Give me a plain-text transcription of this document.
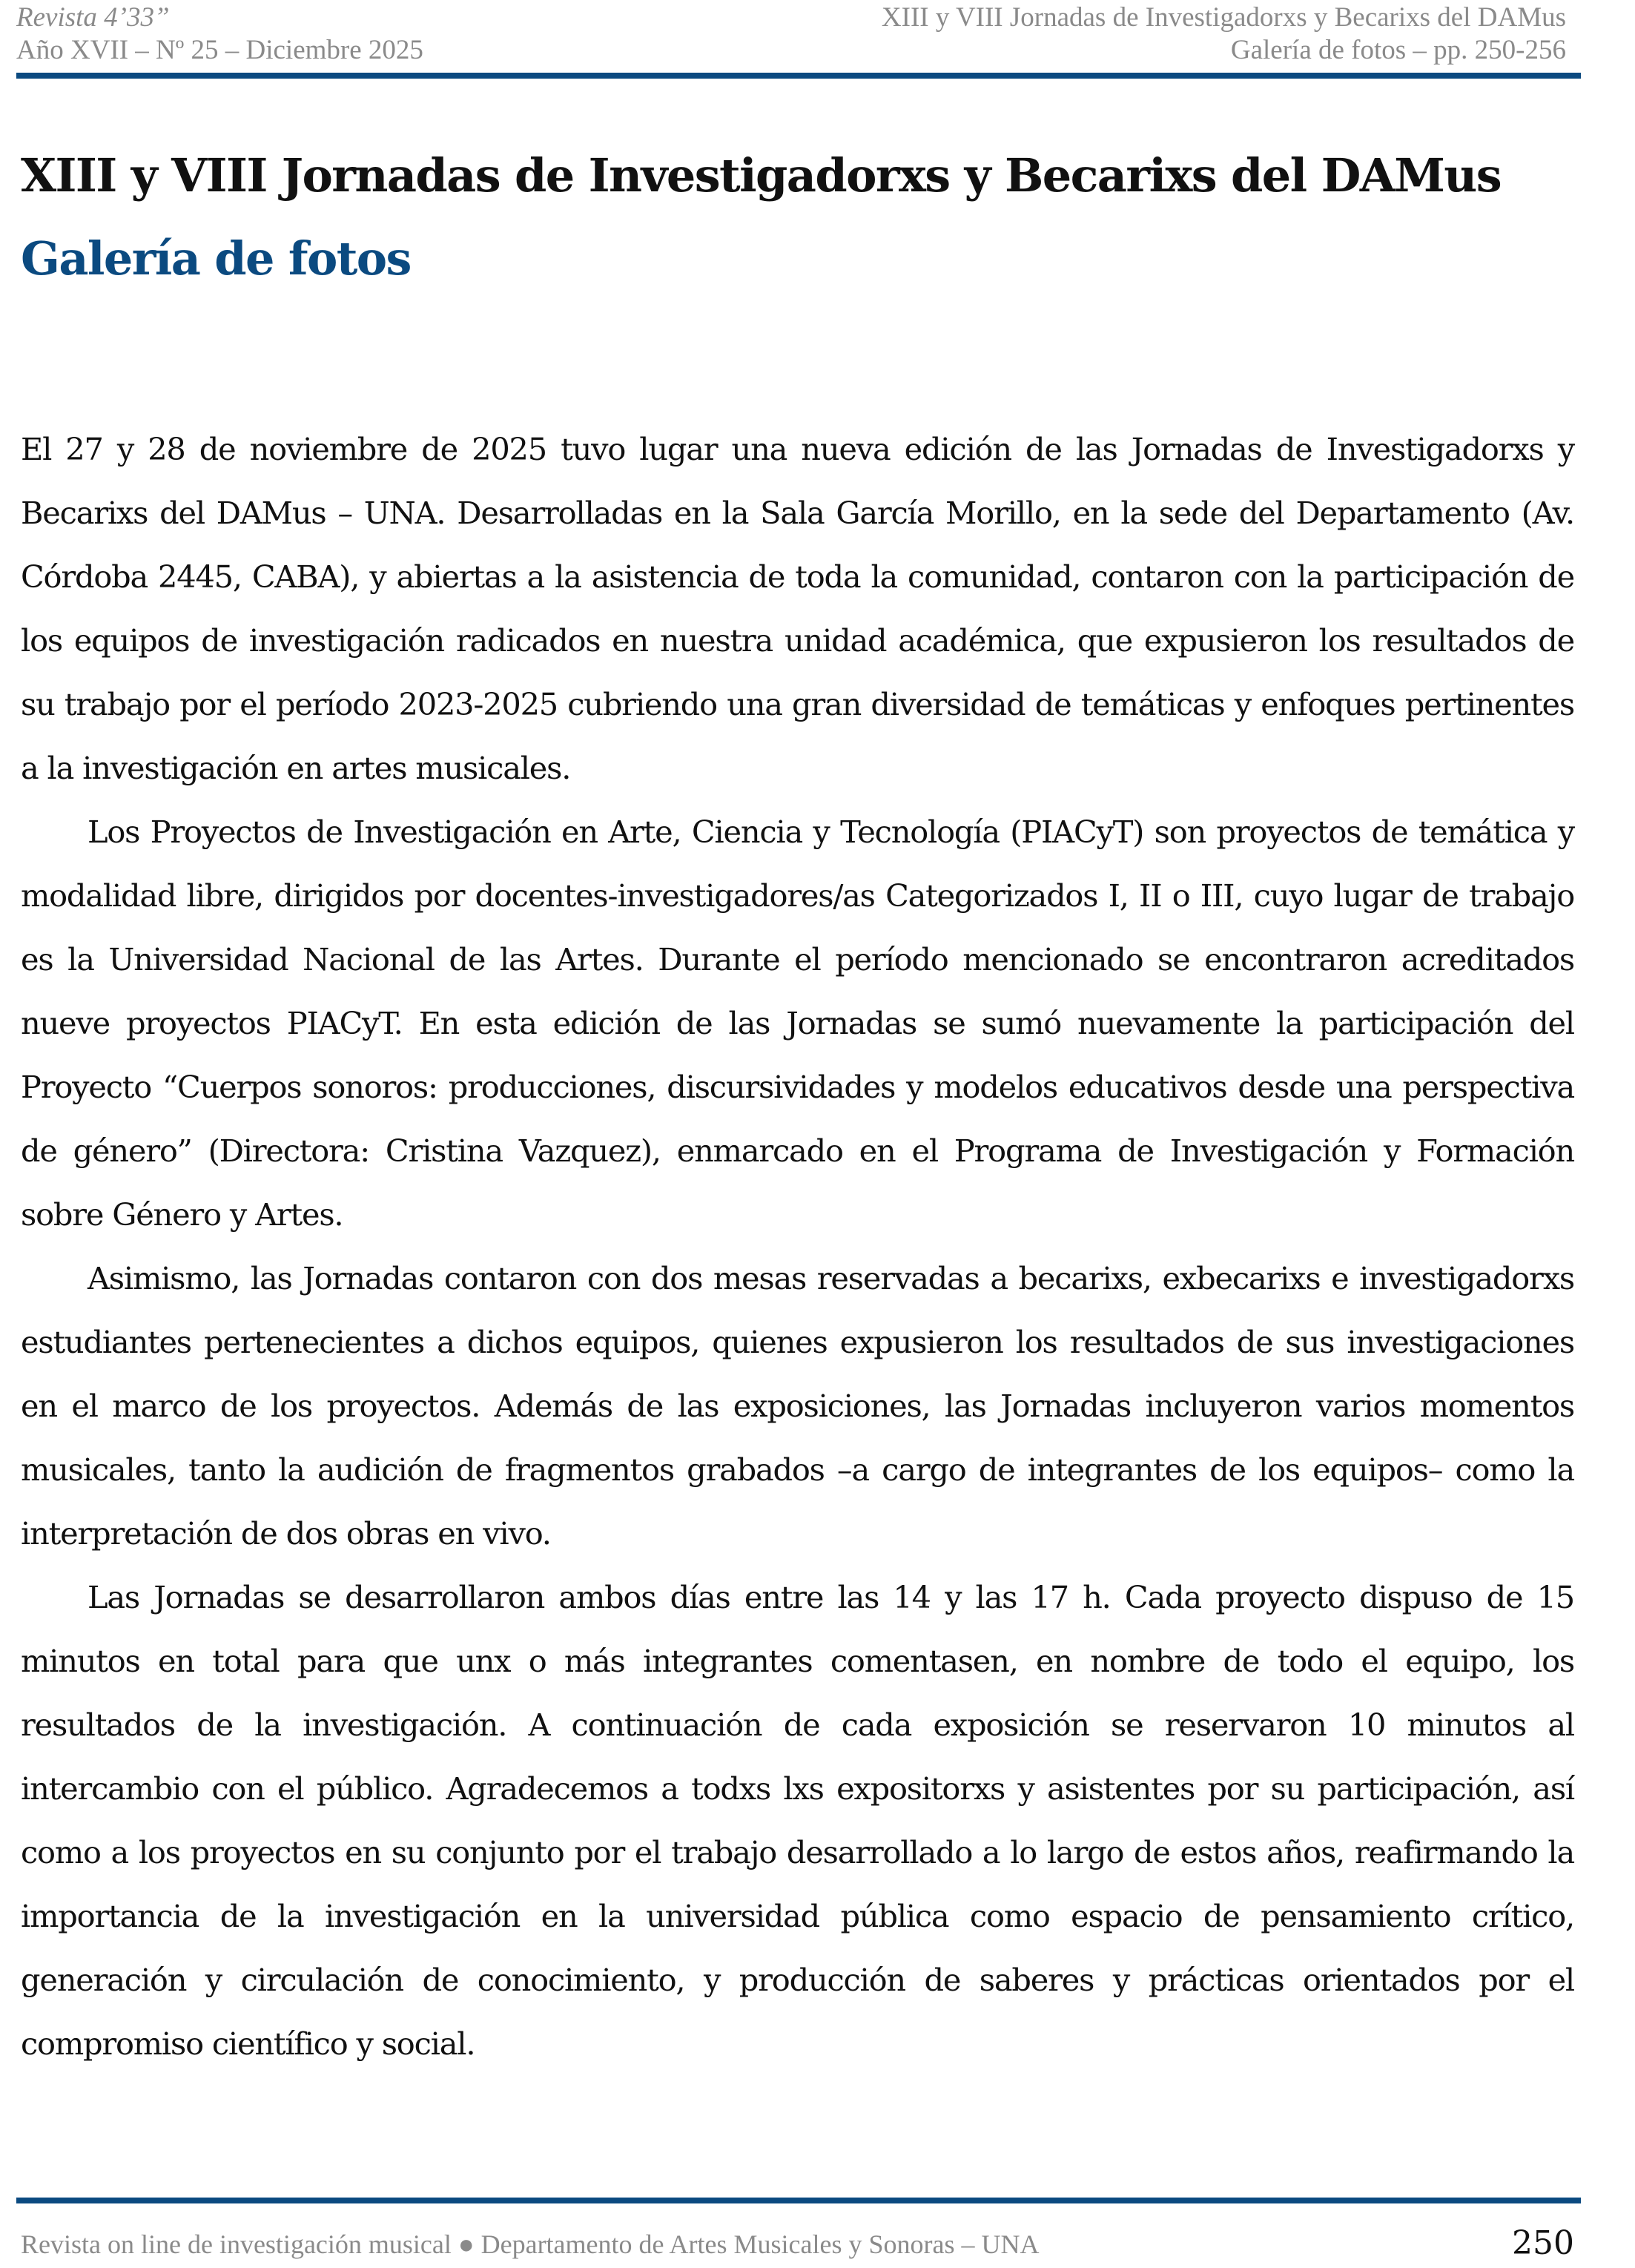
Revista 4’33”
Año XVII – Nº 25 – Diciembre 2025
XIII y VIII Jornadas de Investigadorxs y Becarixs del DAMus
Galería de fotos – pp. 250-256
XIII y VIII Jornadas de Investigadorxs y Becarixs del DAMus
Galería de fotos

El 27 y 28 de noviembre de 2025 tuvo lugar una nueva edición de las Jornadas de Investigadorxs y Becarixs del DAMus – UNA. Desarrolladas en la Sala García Morillo, en la sede del Departamento (Av. Córdoba 2445, CABA), y abiertas a la asistencia de toda la comunidad, contaron con la participación de los equipos de investigación radicados en nuestra unidad académica, que expusieron los resultados de su trabajo por el período 2023-2025 cubriendo una gran diversidad de temáticas y enfoques pertinentes a la investigación en artes musicales.

Los Proyectos de Investigación en Arte, Ciencia y Tecnología (PIACyT) son proyectos de temática y modalidad libre, dirigidos por docentes-investigadores/as Categorizados I, II o III, cuyo lugar de trabajo es la Universidad Nacional de las Artes. Durante el período mencionado se encontraron acreditados nueve proyectos PIACyT. En esta edición de las Jornadas se sumó nuevamente la participación del Proyecto “Cuerpos sonoros: producciones, discursividades y modelos educativos desde una perspectiva de género” (Directora: Cristina Vazquez), enmarcado en el Programa de Investigación y Formación sobre Género y Artes.

Asimismo, las Jornadas contaron con dos mesas reservadas a becarixs, exbecarixs e investigadorxs estudiantes pertenecientes a dichos equipos, quienes expusieron los resultados de sus investigaciones en el marco de los proyectos. Además de las exposiciones, las Jornadas incluyeron varios momentos musicales, tanto la audición de fragmentos grabados –a cargo de integrantes de los equipos– como la interpretación de dos obras en vivo.

Las Jornadas se desarrollaron ambos días entre las 14 y las 17 h. Cada proyecto dispuso de 15 minutos en total para que unx o más integrantes comentasen, en nombre de todo el equipo, los resultados de la investigación. A continuación de cada exposición se reservaron 10 minutos al intercambio con el público. Agradecemos a todxs lxs expositorxs y asistentes por su participación, así como a los proyectos en su conjunto por el trabajo desarrollado a lo largo de estos años, reafirmando la importancia de la investigación en la universidad pública como espacio de pensamiento crítico, generación y circulación de conocimiento, y producción de saberes y prácticas orientados por el compromiso científico y social.

Revista on line de investigación musical ● Departamento de Artes Musicales y Sonoras – UNA	250
